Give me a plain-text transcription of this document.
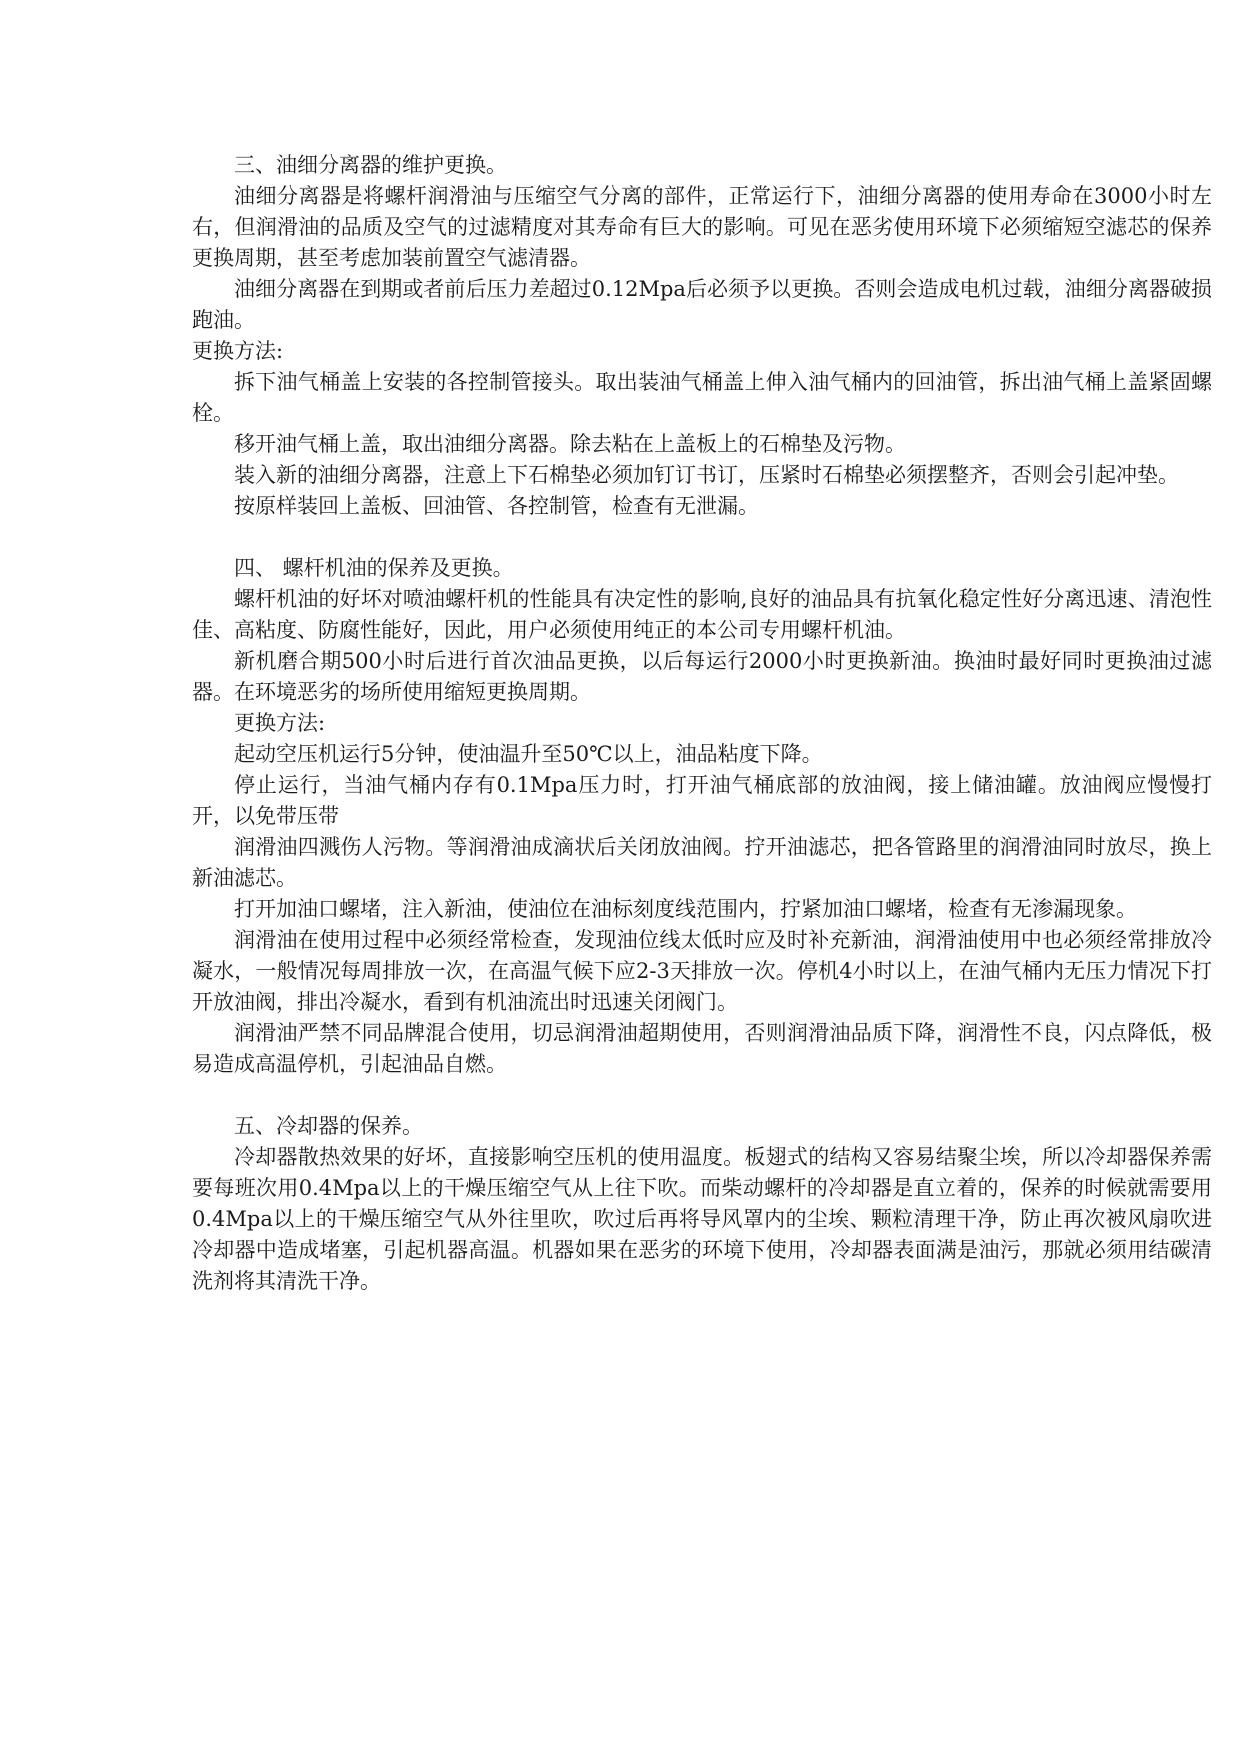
三、油细分离器的维护更换。

油细分离器是将螺杆润滑油与压缩空气分离的部件，正常运行下，油细分离器的使用寿命在3000小时左右，但润滑油的品质及空气的过滤精度对其寿命有巨大的影响。可见在恶劣使用环境下必须缩短空滤芯的保养更换周期，甚至考虑加装前置空气滤清器。

油细分离器在到期或者前后压力差超过0.12Mpa后必须予以更换。否则会造成电机过载，油细分离器破损跑油。

更换方法:

拆下油气桶盖上安装的各控制管接头。取出装油气桶盖上伸入油气桶内的回油管，拆出油气桶上盖紧固螺栓。

移开油气桶上盖，取出油细分离器。除去粘在上盖板上的石棉垫及污物。

装入新的油细分离器，注意上下石棉垫必须加钉订书订，压紧时石棉垫必须摆整齐，否则会引起冲垫。

按原样装回上盖板、回油管、各控制管，检查有无泄漏。

四、 螺杆机油的保养及更换。

螺杆机油的好坏对喷油螺杆机的性能具有决定性的影响,良好的油品具有抗氧化稳定性好分离迅速、清泡性佳、高粘度、防腐性能好，因此，用户必须使用纯正的本公司专用螺杆机油。

新机磨合期500小时后进行首次油品更换，以后每运行2000小时更换新油。换油时最好同时更换油过滤器。在环境恶劣的场所使用缩短更换周期。

更换方法:

起动空压机运行5分钟，使油温升至50℃以上，油品粘度下降。

停止运行，当油气桶内存有0.1Mpa压力时，打开油气桶底部的放油阀，接上储油罐。放油阀应慢慢打开，以免带压带

润滑油四溅伤人污物。等润滑油成滴状后关闭放油阀。拧开油滤芯，把各管路里的润滑油同时放尽，换上新油滤芯。

打开加油口螺堵，注入新油，使油位在油标刻度线范围内，拧紧加油口螺堵，检查有无渗漏现象。

润滑油在使用过程中必须经常检查，发现油位线太低时应及时补充新油，润滑油使用中也必须经常排放冷凝水，一般情况每周排放一次，在高温气候下应2-3天排放一次。停机4小时以上，在油气桶内无压力情况下打开放油阀，排出冷凝水，看到有机油流出时迅速关闭阀门。

润滑油严禁不同品牌混合使用，切忌润滑油超期使用，否则润滑油品质下降，润滑性不良，闪点降低，极易造成高温停机，引起油品自燃。

五、冷却器的保养。

冷却器散热效果的好坏，直接影响空压机的使用温度。板翅式的结构又容易结聚尘埃，所以冷却器保养需要每班次用0.4Mpa以上的干燥压缩空气从上往下吹。而柴动螺杆的冷却器是直立着的，保养的时候就需要用0.4Mpa以上的干燥压缩空气从外往里吹，吹过后再将导风罩内的尘埃、颗粒清理干净，防止再次被风扇吹进冷却器中造成堵塞，引起机器高温。机器如果在恶劣的环境下使用，冷却器表面满是油污，那就必须用结碳清洗剂将其清洗干净。
